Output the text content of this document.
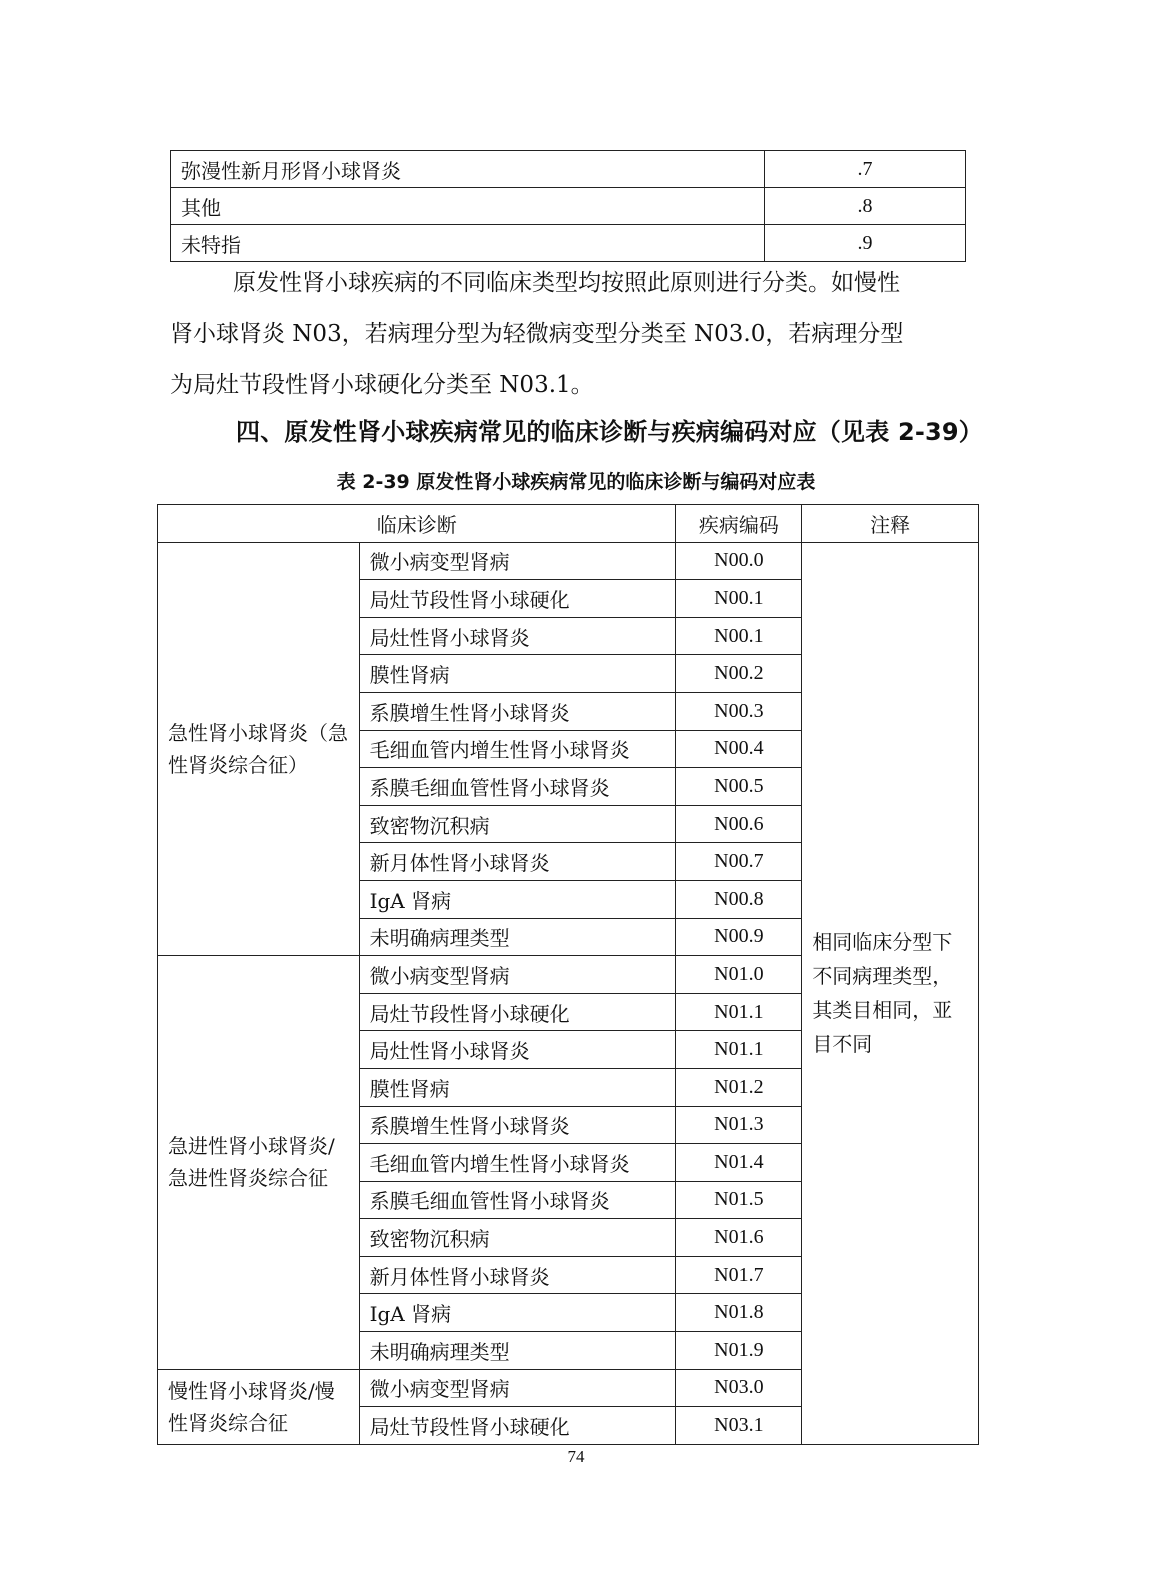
弥漫性新月形肾小球肾炎	.7
其他	.8
未特指	.9

原发性肾小球疾病的不同临床类型均按照此原则进行分类。如慢性

肾小球肾炎 N03，若病理分型为轻微病变型分类至 N03.0，若病理分型

为局灶节段性肾小球硬化分类至 N03.1。

四、原发性肾小球疾病常见的临床诊断与疾病编码对应（见表 2-39）
表 2-39 原发性肾小球疾病常见的临床诊断与编码对应表
临床诊断		疾病编码	注释
急性肾小球肾炎（急性肾炎综合征）	微小病变型肾病	N00.0	相同临床分型下不同病理类型，其类目相同，亚目不同
	局灶节段性肾小球硬化	N00.1	
	局灶性肾小球肾炎	N00.1	
	膜性肾病	N00.2	
	系膜增生性肾小球肾炎	N00.3	
	毛细血管内增生性肾小球肾炎	N00.4	
	系膜毛细血管性肾小球肾炎	N00.5	
	致密物沉积病	N00.6	
	新月体性肾小球肾炎	N00.7	
	IgA 肾病	N00.8	
	未明确病理类型	N00.9	
急进性肾小球肾炎/急进性肾炎综合征	微小病变型肾病	N01.0	
	局灶节段性肾小球硬化	N01.1	
	局灶性肾小球肾炎	N01.1	
	膜性肾病	N01.2	
	系膜增生性肾小球肾炎	N01.3	
	毛细血管内增生性肾小球肾炎	N01.4	
	系膜毛细血管性肾小球肾炎	N01.5	
	致密物沉积病	N01.6	
	新月体性肾小球肾炎	N01.7	
	IgA 肾病	N01.8	
	未明确病理类型	N01.9	
慢性肾小球肾炎/慢性肾炎综合征	微小病变型肾病	N03.0	
	局灶节段性肾小球硬化	N03.1	
74
